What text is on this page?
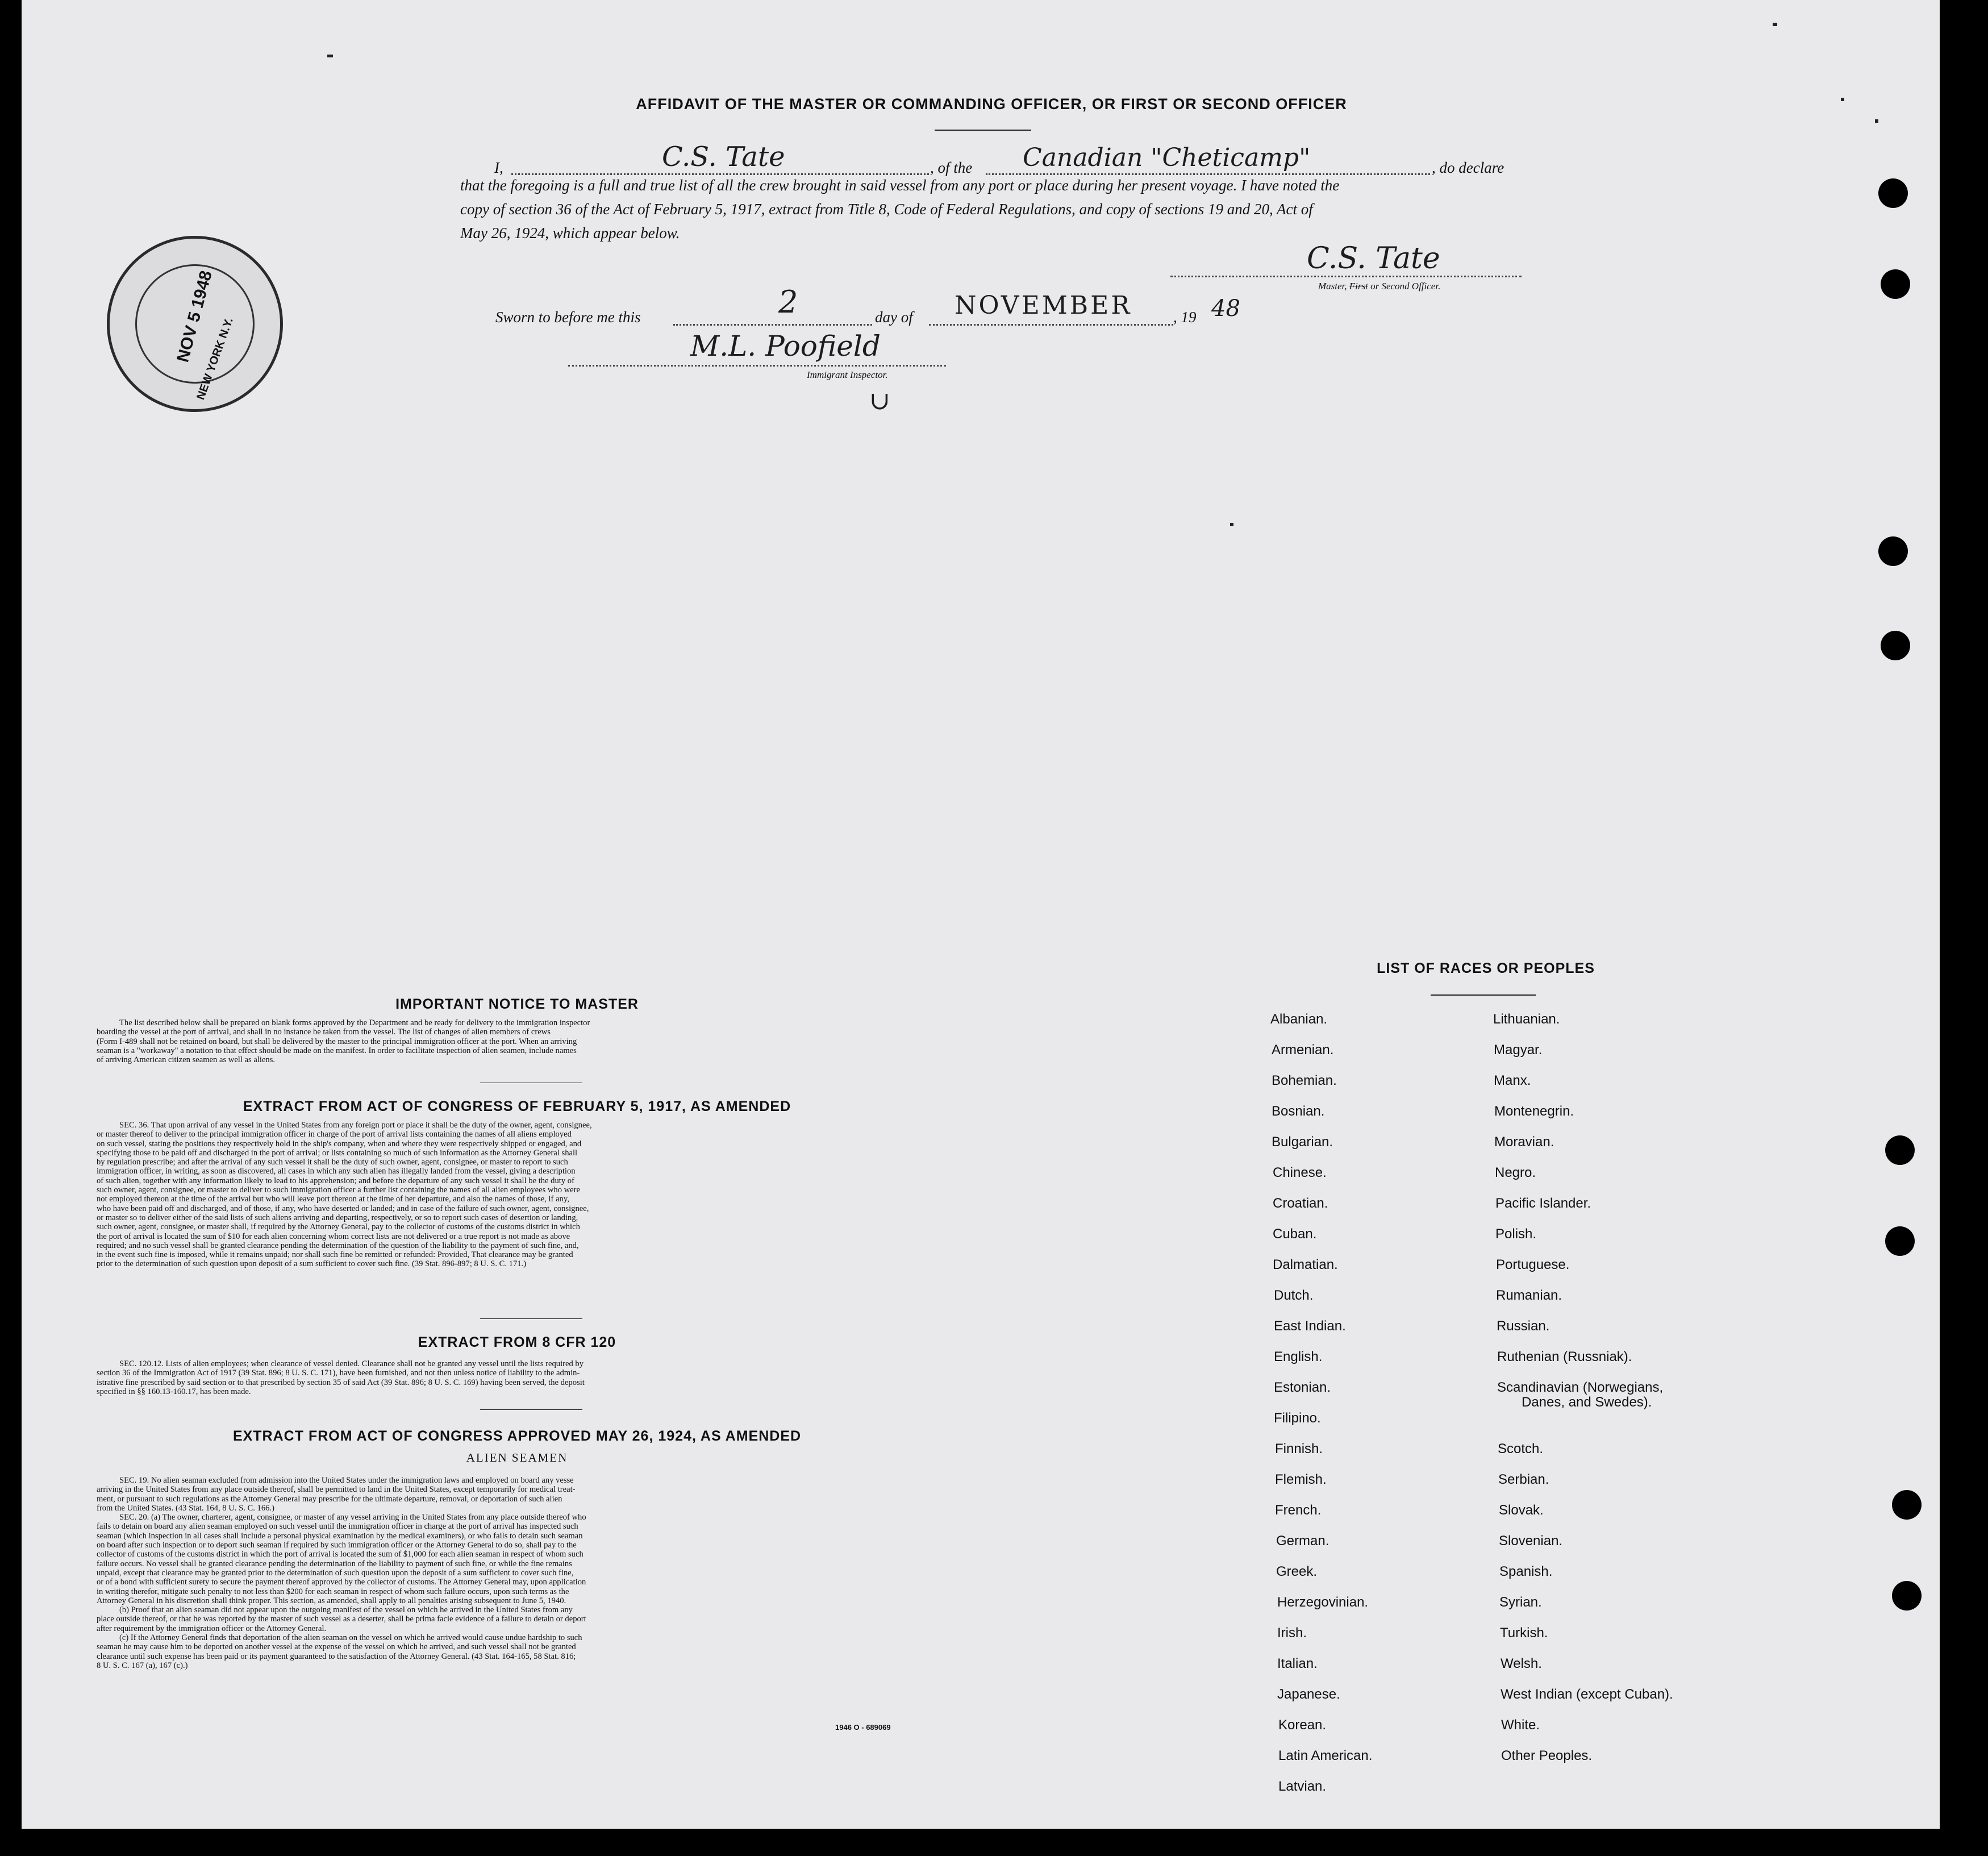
AFFIDAVIT OF THE MASTER OR COMMANDING OFFICER, OR FIRST OR SECOND OFFICER
I,	C.S. Tate	, of the Canadian "Cheticamp"	, do declare
that the foregoing is a full and true list of all the crew brought in said vessel from any port or place during her present voyage. I have noted the
copy of section 36 of the Act of February 5, 1917, extract from Title 8, Code of Federal Regulations, and copy of sections 19 and 20, Act of
May 26, 1924, which appear below.
C.S. Tate
Master, First or Second Officer.
Sworn to before me this	2	day of NOVEMBER	, 19 48
M.L. Poofield
Immigrant Inspector.
∪
NOV 5 1948
NEW YORK N.Y.
IMPORTANT NOTICE TO MASTER
The list described below shall be prepared on blank forms approved by the Department and be ready for delivery to the immigration inspector
boarding the vessel at the port of arrival, and shall in no instance be taken from the vessel. The list of changes of alien members of crews
(Form I-489 shall not be retained on board, but shall be delivered by the master to the principal immigration officer at the port. When an arriving
seaman is a "workaway" a notation to that effect should be made on the manifest. In order to facilitate inspection of alien seamen, include names
of arriving American citizen seamen as well as aliens.
EXTRACT FROM ACT OF CONGRESS OF FEBRUARY 5, 1917, AS AMENDED
SEC. 36. That upon arrival of any vessel in the United States from any foreign port or place it shall be the duty of the owner, agent, consignee,
or master thereof to deliver to the principal immigration officer in charge of the port of arrival lists containing the names of all aliens employed
on such vessel, stating the positions they respectively hold in the ship's company, when and where they were respectively shipped or engaged, and
specifying those to be paid off and discharged in the port of arrival; or lists containing so much of such information as the Attorney General shall
by regulation prescribe; and after the arrival of any such vessel it shall be the duty of such owner, agent, consignee, or master to report to such
immigration officer, in writing, as soon as discovered, all cases in which any such alien has illegally landed from the vessel, giving a description
of such alien, together with any information likely to lead to his apprehension; and before the departure of any such vessel it shall be the duty of
such owner, agent, consignee, or master to deliver to such immigration officer a further list containing the names of all alien employees who were
not employed thereon at the time of the arrival but who will leave port thereon at the time of her departure, and also the names of those, if any,
who have been paid off and discharged, and of those, if any, who have deserted or landed; and in case of the failure of such owner, agent, consignee,
or master so to deliver either of the said lists of such aliens arriving and departing, respectively, or so to report such cases of desertion or landing,
such owner, agent, consignee, or master shall, if required by the Attorney General, pay to the collector of customs of the customs district in which
the port of arrival is located the sum of $10 for each alien concerning whom correct lists are not delivered or a true report is not made as above
required; and no such vessel shall be granted clearance pending the determination of the question of the liability to the payment of such fine, and,
in the event such fine is imposed, while it remains unpaid; nor shall such fine be remitted or refunded: Provided, That clearance may be granted
prior to the determination of such question upon deposit of a sum sufficient to cover such fine. (39 Stat. 896-897; 8 U. S. C. 171.)
EXTRACT FROM 8 CFR 120
SEC. 120.12. Lists of alien employees; when clearance of vessel denied. Clearance shall not be granted any vessel until the lists required by
section 36 of the Immigration Act of 1917 (39 Stat. 896; 8 U. S. C. 171), have been furnished, and not then unless notice of liability to the admin-
istrative fine prescribed by said section or to that prescribed by section 35 of said Act (39 Stat. 896; 8 U. S. C. 169) having been served, the deposit
specified in §§ 160.13-160.17, has been made.
EXTRACT FROM ACT OF CONGRESS APPROVED MAY 26, 1924, AS AMENDED
ALIEN SEAMEN
SEC. 19. No alien seaman excluded from admission into the United States under the immigration laws and employed on board any vesse
arriving in the United States from any place outside thereof, shall be permitted to land in the United States, except temporarily for medical treat-
ment, or pursuant to such regulations as the Attorney General may prescribe for the ultimate departure, removal, or deportation of such alien
from the United States. (43 Stat. 164, 8 U. S. C. 166.)
SEC. 20. (a) The owner, charterer, agent, consignee, or master of any vessel arriving in the United States from any place outside thereof who
fails to detain on board any alien seaman employed on such vessel until the immigration officer in charge at the port of arrival has inspected such
seaman (which inspection in all cases shall include a personal physical examination by the medical examiners), or who fails to detain such seaman
on board after such inspection or to deport such seaman if required by such immigration officer or the Attorney General to do so, shall pay to the
collector of customs of the customs district in which the port of arrival is located the sum of $1,000 for each alien seaman in respect of whom such
failure occurs. No vessel shall be granted clearance pending the determination of the liability to payment of such fine, or while the fine remains
unpaid, except that clearance may be granted prior to the determination of such question upon the deposit of a sum sufficient to cover such fine,
or of a bond with sufficient surety to secure the payment thereof approved by the collector of customs. The Attorney General may, upon application
in writing therefor, mitigate such penalty to not less than $200 for each seaman in respect of whom such failure occurs, upon such terms as the
Attorney General in his discretion shall think proper. This section, as amended, shall apply to all penalties arising subsequent to June 5, 1940.
(b) Proof that an alien seaman did not appear upon the outgoing manifest of the vessel on which he arrived in the United States from any
place outside thereof, or that he was reported by the master of such vessel as a deserter, shall be prima facie evidence of a failure to detain or deport
after requirement by the immigration officer or the Attorney General.
(c) If the Attorney General finds that deportation of the alien seaman on the vessel on which he arrived would cause undue hardship to such
seaman he may cause him to be deported on another vessel at the expense of the vessel on which he arrived, and such vessel shall not be granted
clearance until such expense has been paid or its payment guaranteed to the satisfaction of the Attorney General. (43 Stat. 164-165, 58 Stat. 816;
8 U. S. C. 167 (a), 167 (c).)
1946 O - 689069
LIST OF RACES OR PEOPLES
Albanian.
Armenian.
Bohemian.
Bosnian.
Bulgarian.
Chinese.
Croatian.
Cuban.
Dalmatian.
Dutch.
East Indian.
English.
Estonian.
Filipino.
Finnish.
Flemish.
French.
German.
Greek.
Herzegovinian.
Irish.
Italian.
Japanese.
Korean.
Latin American.
Latvian.
Lithuanian.
Magyar.
Manx.
Montenegrin.
Moravian.
Negro.
Pacific Islander.
Polish.
Portuguese.
Rumanian.
Russian.
Ruthenian (Russniak).
Scandinavian (Norwegians,
Danes, and Swedes).
Scotch.
Serbian.
Slovak.
Slovenian.
Spanish.
Syrian.
Turkish.
Welsh.
West Indian (except Cuban).
White.
Other Peoples.
